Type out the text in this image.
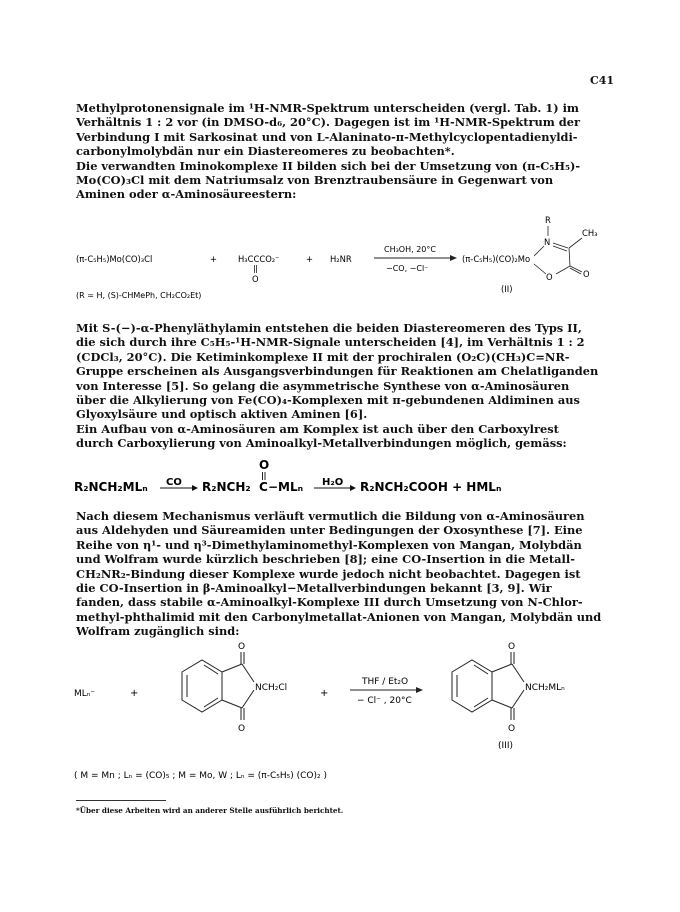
C41

Methylprotonensignale im ¹H-NMR-Spektrum unterscheiden (vergl. Tab. 1) im
Verhältnis 1 : 2 vor (in DMSO-d₆, 20°C). Dagegen ist im ¹H-NMR-Spektrum der
Verbindung I mit Sarkosinat und von L-Alaninato-π-Methylcyclopentadienyldi-
carbonylmolybdän nur ein Diastereomeres zu beobachten*.
Die verwandten Iminokomplexe II bilden sich bei der Umsetzung von (π-C₅H₅)-
Mo(CO)₃Cl mit dem Natriumsalz von Brenztraubensäure in Gegenwart von
Aminen oder α-Aminosäureestern:

(π-C₅H₅)Mo(CO)₃Cl	+ H₃CCCO₂⁻
O
+ H₂NR
CH₃OH, 20°C
−CO, −Cl⁻
(π-C₅H₅)(CO)₂Mo
R
N
CH₃
O
O
(II)
(R = H, (S)-CHMePh, CH₂CO₂Et)

Mit S-(−)-α-Phenyläthylamin entstehen die beiden Diastereomeren des Typs II,
die sich durch ihre C₅H₅-¹H-NMR-Signale unterscheiden [4], im Verhältnis 1 : 2
(CDCl₃, 20°C). Die Ketiminkomplexe II mit der prochiralen (O₂C)(CH₃)C=NR-
Gruppe erscheinen als Ausgangsverbindungen für Reaktionen am Chelatliganden
von Interesse [5]. So gelang die asymmetrische Synthese von α-Aminosäuren
über die Alkylierung von Fe(CO)₄-Komplexen mit π-gebundenen Aldiminen aus
Glyoxylsäure und optisch aktiven Aminen [6].
Ein Aufbau von α-Aminosäuren am Komplex ist auch über den Carboxylrest
durch Carboxylierung von Aminoalkyl-Metallverbindungen möglich, gemäss:

R₂NCH₂MLₙ CO R₂NCH₂
O
C −MLₙ H₂O R₂NCH₂COOH + HMLₙ

Nach diesem Mechanismus verläuft vermutlich die Bildung von α-Aminosäuren
aus Aldehyden und Säureamiden unter Bedingungen der Oxosynthese [7]. Eine
Reihe von η¹- und η³-Dimethylaminomethyl-Komplexen von Mangan, Molybdän
und Wolfram wurde kürzlich beschrieben [8]; eine CO-Insertion in die Metall-
CH₂NR₂-Bindung dieser Komplexe wurde jedoch nicht beobachtet. Dagegen ist
die CO-Insertion in β-Aminoalkyl−Metallverbindungen bekannt [3, 9]. Wir
fanden, dass stabile α-Aminoalkyl-Komplexe III durch Umsetzung von N-Chlor-
methyl-phthalimid mit den Carbonylmetallat-Anionen von Mangan, Molybdän und
Wolfram zugänglich sind:

MLₙ⁻	+
O
O
NCH₂Cl	+
THF / Et₂O
− Cl⁻ , 20°C
O
O
NCH₂MLₙ
(III)
( M = Mn ; Lₙ = (CO)₅ ; M = Mo, W ; Lₙ = (π-C₅H₅) (CO)₂ )
*Über diese Arbeiten wird an anderer Stelle ausführlich berichtet.
